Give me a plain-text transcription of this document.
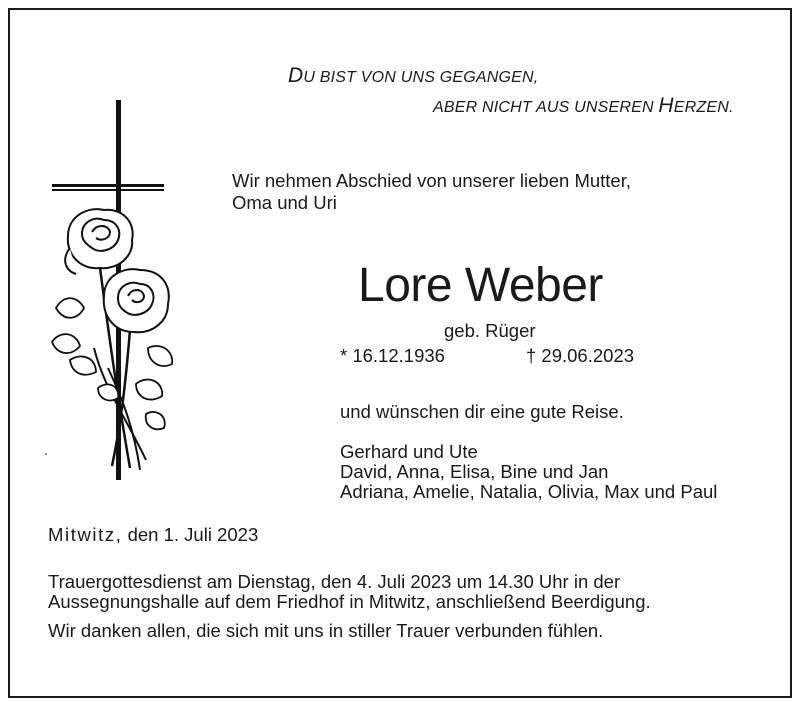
DU BIST VON UNS GEGANGEN,
ABER NICHT AUS UNSEREN HERZEN.
Wir nehmen Abschied von unserer lieben Mutter,
Oma und Uri
Lore Weber
geb. Rüger
* 16.12.1936	† 29.06.2023
und wünschen dir eine gute Reise.
Gerhard und Ute
David, Anna, Elisa, Bine und Jan
Adriana, Amelie, Natalia, Olivia, Max und Paul
Mitwitz, den 1. Juli 2023
Trauergottesdienst am Dienstag, den 4. Juli 2023 um 14.30 Uhr in der
Aussegnungshalle auf dem Friedhof in Mitwitz, anschließend Beerdigung.
Wir danken allen, die sich mit uns in stiller Trauer verbunden fühlen.
